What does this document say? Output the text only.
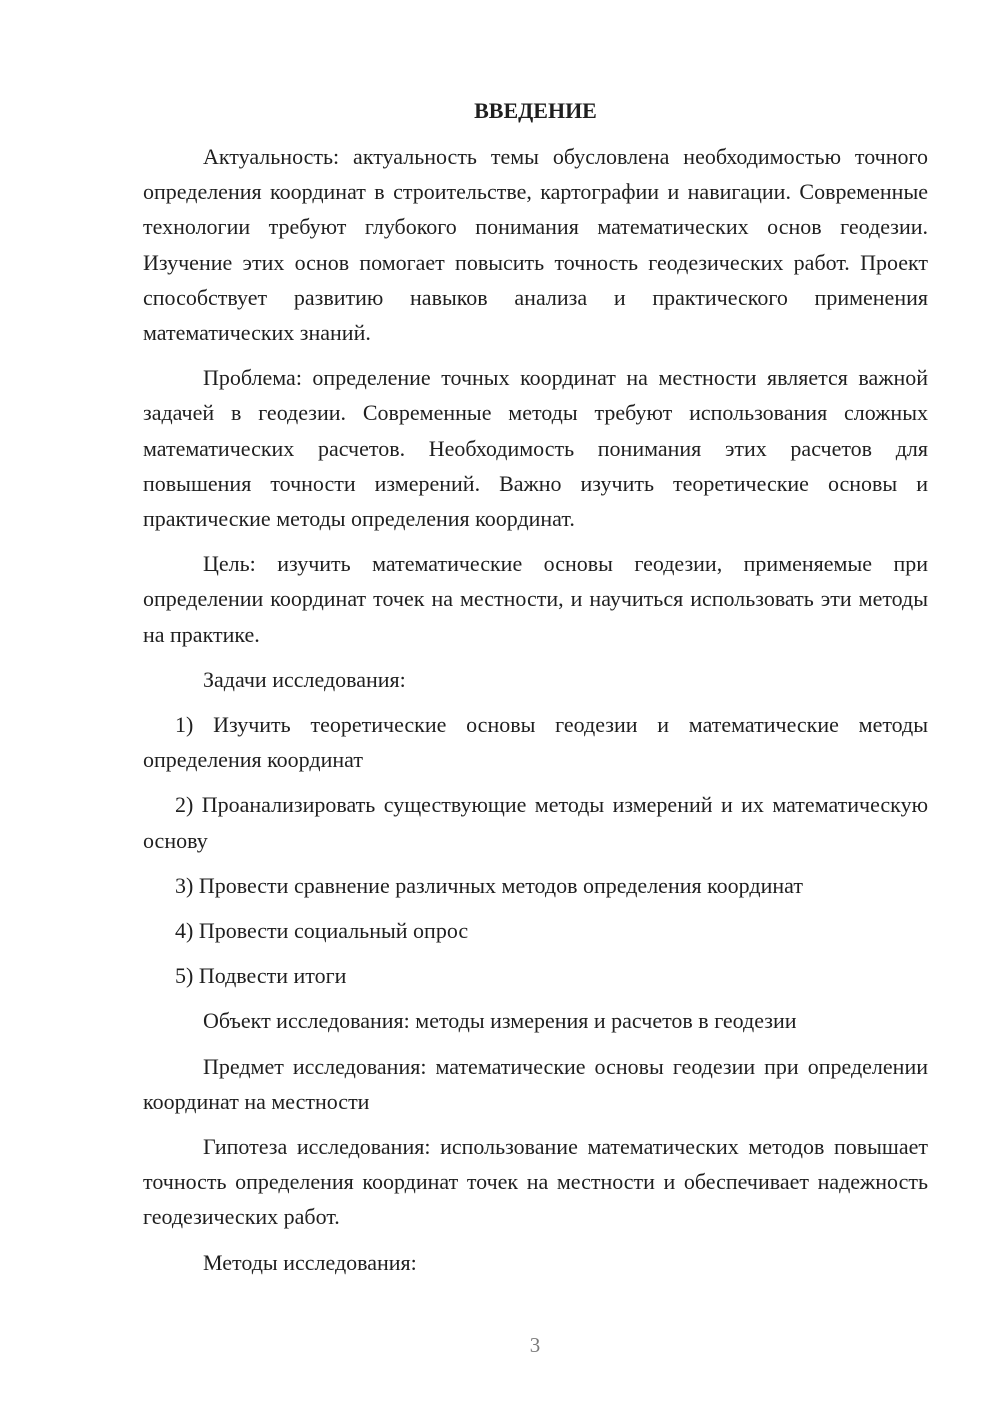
ВВЕДЕНИЕ

Актуальность: актуальность темы обусловлена необходимостью точного определения координат в строительстве, картографии и навигации. Современные технологии требуют глубокого понимания математических основ геодезии. Изучение этих основ помогает повысить точность геодезических работ. Проект способствует развитию навыков анализа и практического применения математических знаний.

Проблема: определение точных координат на местности является важной задачей в геодезии. Современные методы требуют использования сложных математических расчетов. Необходимость понимания этих расчетов для повышения точности измерений. Важно изучить теоретические основы и практические методы определения координат.

Цель: изучить математические основы геодезии, применяемые при определении координат точек на местности, и научиться использовать эти методы на практике.

Задачи исследования:

1) Изучить теоретические основы геодезии и математические методы определения координат

2) Проанализировать существующие методы измерений и их математическую основу

3) Провести сравнение различных методов определения координат

4) Провести социальный опрос

5) Подвести итоги

Объект исследования: методы измерения и расчетов в геодезии

Предмет исследования: математические основы геодезии при определении координат на местности

Гипотеза исследования: использование математических методов повышает точность определения координат точек на местности и обеспечивает надежность геодезических работ.

Методы исследования:

3
